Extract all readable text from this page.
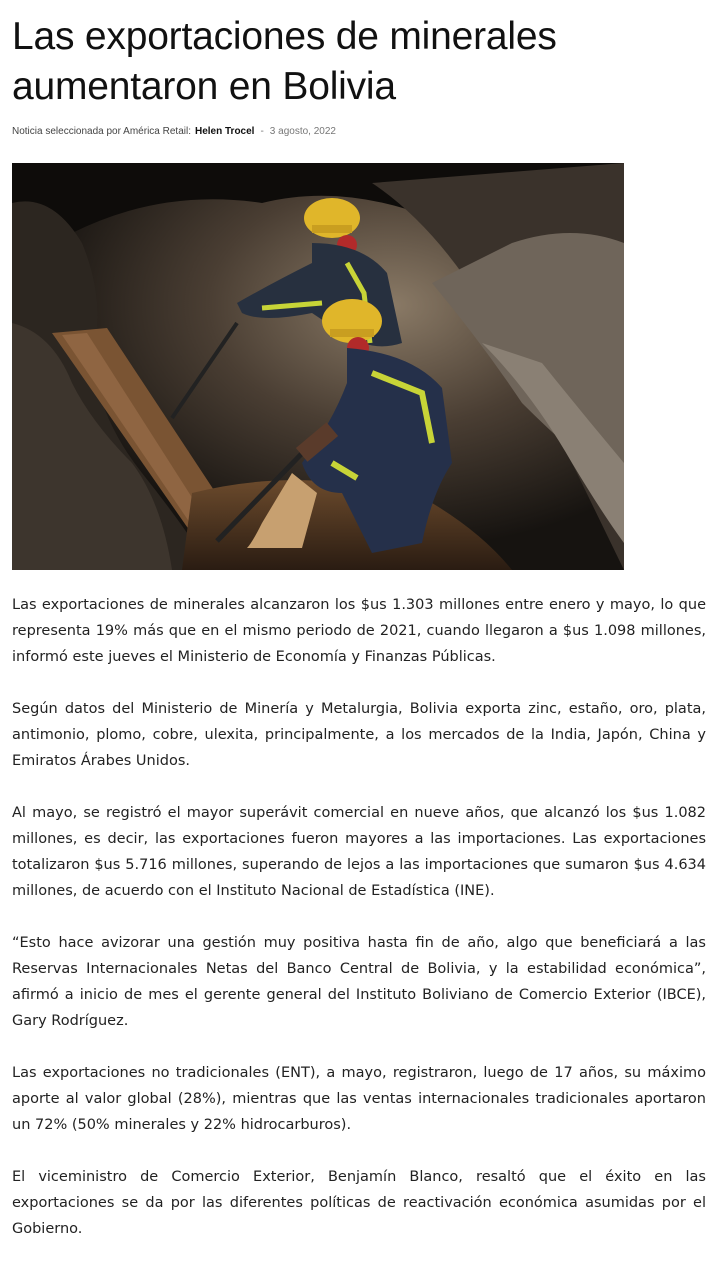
Las exportaciones de minerales aumentaron en Bolivia
Noticia seleccionada por América Retail: Helen Trocel - 3 agosto, 2022

Las exportaciones de minerales alcanzaron los $us 1.303 millones entre enero y mayo, lo que representa 19% más que en el mismo periodo de 2021, cuando llegaron a $us 1.098 millones, informó este jueves el Ministerio de Economía y Finanzas Públicas.

Según datos del Ministerio de Minería y Metalurgia, Bolivia exporta zinc, estaño, oro, plata, antimonio, plomo, cobre, ulexita, principalmente, a los mercados de la India, Japón, China y Emiratos Árabes Unidos.

Al mayo, se registró el mayor superávit comercial en nueve años, que alcanzó los $us 1.082 millones, es decir, las exportaciones fueron mayores a las importaciones. Las exportaciones totalizaron $us 5.716 millones, superando de lejos a las importaciones que sumaron $us 4.634 millones, de acuerdo con el Instituto Nacional de Estadística (INE).

“Esto hace avizorar una gestión muy positiva hasta fin de año, algo que beneficiará a las Reservas Internacionales Netas del Banco Central de Bolivia, y la estabilidad económica”, afirmó a inicio de mes el gerente general del Instituto Boliviano de Comercio Exterior (IBCE), Gary Rodríguez.

Las exportaciones no tradicionales (ENT), a mayo, registraron, luego de 17 años, su máximo aporte al valor global (28%), mientras que las ventas internacionales tradicionales aportaron un 72% (50% minerales y 22% hidrocarburos).

El viceministro de Comercio Exterior, Benjamín Blanco, resaltó que el éxito en las exportaciones se da por las diferentes políticas de reactivación económica asumidas por el Gobierno.
